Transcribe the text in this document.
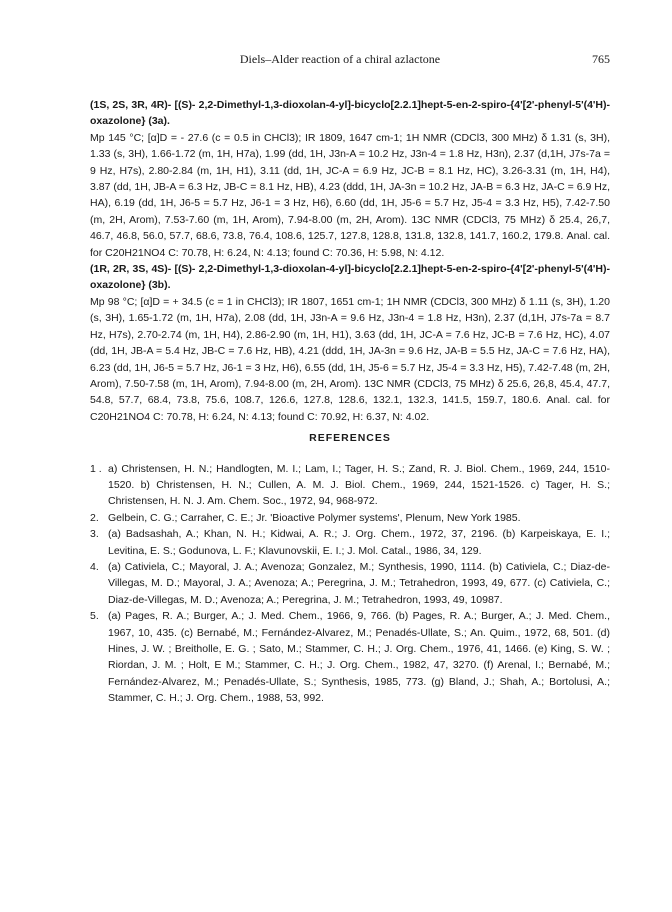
Diels–Alder reaction of a chiral azlactone	765

(1S, 2S, 3R, 4R)- [(S)- 2,2-Dimethyl-1,3-dioxolan-4-yl]-bicyclo[2.2.1]hept-5-en-2-spiro-{4'[2'-phenyl-5'(4'H)-oxazolone} (3a).
Mp 145 °C; [α]D = - 27.6 (c = 0.5 in CHCl3); IR 1809, 1647 cm-1; 1H NMR (CDCl3, 300 MHz) δ 1.31 (s, 3H), 1.33 (s, 3H), 1.66-1.72 (m, 1H, H7a), 1.99 (dd, 1H, J3n-A = 10.2 Hz, J3n-4 = 1.8 Hz, H3n), 2.37 (d,1H, J7s-7a = 9 Hz, H7s), 2.80-2.84 (m, 1H, H1), 3.11 (dd, 1H, JC-A = 6.9 Hz, JC-B = 8.1 Hz, HC), 3.26-3.31 (m, 1H, H4), 3.87 (dd, 1H, JB-A = 6.3 Hz, JB-C = 8.1 Hz, HB), 4.23 (ddd, 1H, JA-3n = 10.2 Hz, JA-B = 6.3 Hz, JA-C = 6.9 Hz, HA), 6.19 (dd, 1H, J6-5 = 5.7 Hz, J6-1 = 3 Hz, H6), 6.60 (dd, 1H, J5-6 = 5.7 Hz, J5-4 = 3.3 Hz, H5), 7.42-7.50 (m, 2H, Arom), 7.53-7.60 (m, 1H, Arom), 7.94-8.00 (m, 2H, Arom). 13C NMR (CDCl3, 75 MHz) δ 25.4, 26,7, 46.7, 46.8, 56.0, 57.7, 68.6, 73.8, 76.4, 108.6, 125.7, 127.8, 128.8, 131.8, 132.8, 141.7, 160.2, 179.8. Anal. cal. for C20H21NO4 C: 70.78, H: 6.24, N: 4.13; found C: 70.36, H: 5.98, N: 4.12.

(1R, 2R, 3S, 4S)- [(S)- 2,2-Dimethyl-1,3-dioxolan-4-yl]-bicyclo[2.2.1]hept-5-en-2-spiro-{4'[2'-phenyl-5'(4'H)-oxazolone} (3b).
Mp 98 °C; [α]D = + 34.5 (c = 1 in CHCl3); IR 1807, 1651 cm-1; 1H NMR (CDCl3, 300 MHz) δ 1.11 (s, 3H), 1.20 (s, 3H), 1.65-1.72 (m, 1H, H7a), 2.08 (dd, 1H, J3n-A = 9.6 Hz, J3n-4 = 1.8 Hz, H3n), 2.37 (d,1H, J7s-7a = 8.7 Hz, H7s), 2.70-2.74 (m, 1H, H4), 2.86-2.90 (m, 1H, H1), 3.63 (dd, 1H, JC-A = 7.6 Hz, JC-B = 7.6 Hz, HC), 4.07 (dd, 1H, JB-A = 5.4 Hz, JB-C = 7.6 Hz, HB), 4.21 (ddd, 1H, JA-3n = 9.6 Hz, JA-B = 5.5 Hz, JA-C = 7.6 Hz, HA), 6.23 (dd, 1H, J6-5 = 5.7 Hz, J6-1 = 3 Hz, H6), 6.55 (dd, 1H, J5-6 = 5.7 Hz, J5-4 = 3.3 Hz, H5), 7.42-7.48 (m, 2H, Arom), 7.50-7.58 (m, 1H, Arom), 7.94-8.00 (m, 2H, Arom). 13C NMR (CDCl3, 75 MHz) δ 25.6, 26,8, 45.4, 47.7, 54.8, 57.7, 68.4, 73.8, 75.6, 108.7, 126.6, 127.8, 128.6, 132.1, 132.3, 141.5, 159.7, 180.6. Anal. cal. for C20H21NO4 C: 70.78, H: 6.24, N: 4.13; found C: 70.92, H: 6.37, N: 4.02.

REFERENCES
1 . a) Christensen, H. N.; Handlogten, M. I.; Lam, I.; Tager, H. S.; Zand, R. J. Biol. Chem., 1969, 244, 1510-1520. b) Christensen, H. N.; Cullen, A. M. J. Biol. Chem., 1969, 244, 1521-1526. c) Tager, H. S.; Christensen, H. N. J. Am. Chem. Soc., 1972, 94, 968-972.
2. Gelbein, C. G.; Carraher, C. E.; Jr. 'Bioactive Polymer systems', Plenum, New York 1985.
3. (a) Badsashah, A.; Khan, N. H.; Kidwai, A. R.; J. Org. Chem., 1972, 37, 2196. (b) Karpeiskaya, E. I.; Levitina, E. S.; Godunova, L. F.; Klavunovskii, E. I.; J. Mol. Catal., 1986, 34, 129.
4. (a) Cativiela, C.; Mayoral, J. A.; Avenoza; Gonzalez, M.; Synthesis, 1990, 1114. (b) Cativiela, C.; Diaz-de-Villegas, M. D.; Mayoral, J. A.; Avenoza; A.; Peregrina, J. M.; Tetrahedron, 1993, 49, 677. (c) Cativiela, C.; Diaz-de-Villegas, M. D.; Avenoza; A.; Peregrina, J. M.; Tetrahedron, 1993, 49, 10987.
5. (a) Pages, R. A.; Burger, A.; J. Med. Chem., 1966, 9, 766. (b) Pages, R. A.; Burger, A.; J. Med. Chem., 1967, 10, 435. (c) Bernabé, M.; Fernández-Alvarez, M.; Penadés-Ullate, S.; An. Quim., 1972, 68, 501. (d) Hines, J. W. ; Breitholle, E. G. ; Sato, M.; Stammer, C. H.; J. Org. Chem., 1976, 41, 1466. (e) King, S. W. ; Riordan, J. M. ; Holt, E M.; Stammer, C. H.; J. Org. Chem., 1982, 47, 3270. (f) Arenal, I.; Bernabé, M.; Fernández-Alvarez, M.; Penadés-Ullate, S.; Synthesis, 1985, 773. (g) Bland, J.; Shah, A.; Bortolusi, A.; Stammer, C. H.; J. Org. Chem., 1988, 53, 992.
